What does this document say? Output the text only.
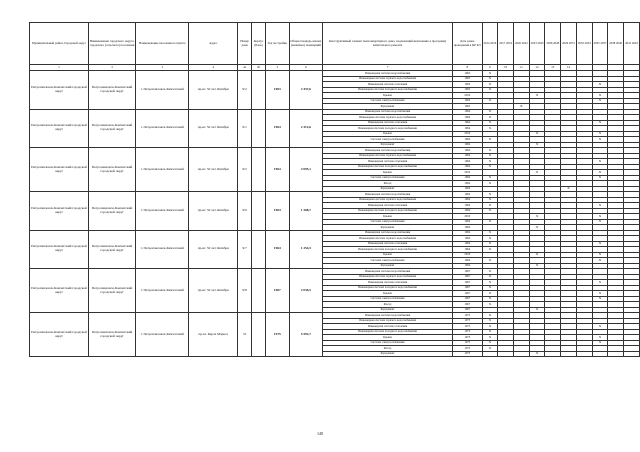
Муниципальный район, Городской округ	Наименование городского округа, городского (сельского) поселения	Наименование населенного пункта	Адрес	Номер дома	Корпус (Блок)	Год постройки	Общая площадь жилых (нежилых) помещений	Конструктивный элемент многоквартирного дома, подлежащий включению в программу капитального ремонта	Дата ранее проведения в КР КЭ	2014 2016	2017 2019	2020 2022	2023 2025	2026 2028	2029 2031	2032 2034	2035 2037	2038 2040	2041 2043
1	2	3	4	4а	4б	5	6	7	8	9	10	11	12	13	14				
Петропавловск-Камчатский городской округ	Петропавловск-Камчатский городской округ	г. Петропавловск-Камчатский	пр-кт. 50 лет Октября	9/2		1963	2 437,6	Инженерная система водоснабжения	1963	X									
								Инженерная система горячего водоснабжения	1963	X									
								Инженерная система отопления	1963	X							X		
								Инженерная система холодного водоснабжения	1963	X									
								Крыша	2010				X				X		
								Система электроснабжения	1963	X							X		
								Фундамент	1963			X							
Петропавловск-Камчатский городской округ	Петропавловск-Камчатский городской округ	г. Петропавловск-Камчатский	пр-кт. 50 лет Октября	9/1		1964	2 312,6	Инженерная система водоснабжения	1964	X									
								Инженерная система горячего водоснабжения	1964	X									
								Инженерная система отопления	1964	X							X		
								Инженерная система холодного водоснабжения	1964	X									
								Крыша	2010				X				X		
								Система электроснабжения	1964	X							X		
								Фундамент	1964				X						
Петропавловск-Камчатский городской округ	Петропавловск-Камчатский городской округ	г. Петропавловск-Камчатский	пр-кт. 50 лет Октября	9/5		1964	2 095,1	Инженерная система водоснабжения	1964	X									
								Инженерная система горячего водоснабжения	1964	X									
								Инженерная система отопления	1964	X							X		
								Инженерная система холодного водоснабжения	1964	X									
								Крыша	2010				X				X		
								Система электроснабжения	1964	X							X		
								Фасад	1964	X									
								Фундамент	1964						X				
Петропавловск-Камчатский городской округ	Петропавловск-Камчатский городской округ	г. Петропавловск-Камчатский	пр-кт. 50 лет Октября	9/6		1964	1 288,7	Инженерная система водоснабжения	1964	X									
								Инженерная система горячего водоснабжения	1964	X									
								Инженерная система отопления	1964	X							X		
								Инженерная система холодного водоснабжения	1964	X									
								Крыша	2010				X				X		
								Система электроснабжения	1964	X							X		
								Фундамент	1964				X						
Петропавловск-Камчатский городской округ	Петропавловск-Камчатский городской округ	г. Петропавловск-Камчатский	пр-кт. 50 лет Октября	9/7		1964	1 254,5	Инженерная система водоснабжения	1964	X									
								Инженерная система горячего водоснабжения	1964	X									
								Инженерная система отопления	1964	X							X		
								Инженерная система холодного водоснабжения	1964	X									
								Крыша	2010				X				X		
								Система электроснабжения	1964	X							X		
								Фундамент	1964				X						
Петропавловск-Камчатский городской округ	Петропавловск-Камчатский городской округ	г. Петропавловск-Камчатский	пр-кт. 50 лет Октября	9/8		1967	2 036,5	Инженерная система водоснабжения	1967	X									
								Инженерная система горячего водоснабжения	1967	X									
								Инженерная система отопления	1967	X							X		
								Инженерная система холодного водоснабжения	1967	X									
								Крыша	1967	X							X		
								Система электроснабжения	1967	X							X		
								Фасад	1967	X									
								Фундамент	1967				X						
Петропавловск-Камчатский городской округ	Петропавловск-Камчатский городской округ	г. Петропавловск-Камчатский	пр-кт. Карла Маркса	31		1975	5 592,7	Инженерная система водоснабжения	1975	X									
								Инженерная система горячего водоснабжения	1975	X									
								Инженерная система отопления	1975	X							X		
								Инженерная система холодного водоснабжения	1975	X									
								Крыша	1975	X							X		
								Система электроснабжения	1975	X							X		
								Фасад	1975	X									
								Фундамент	1975				X						
149
